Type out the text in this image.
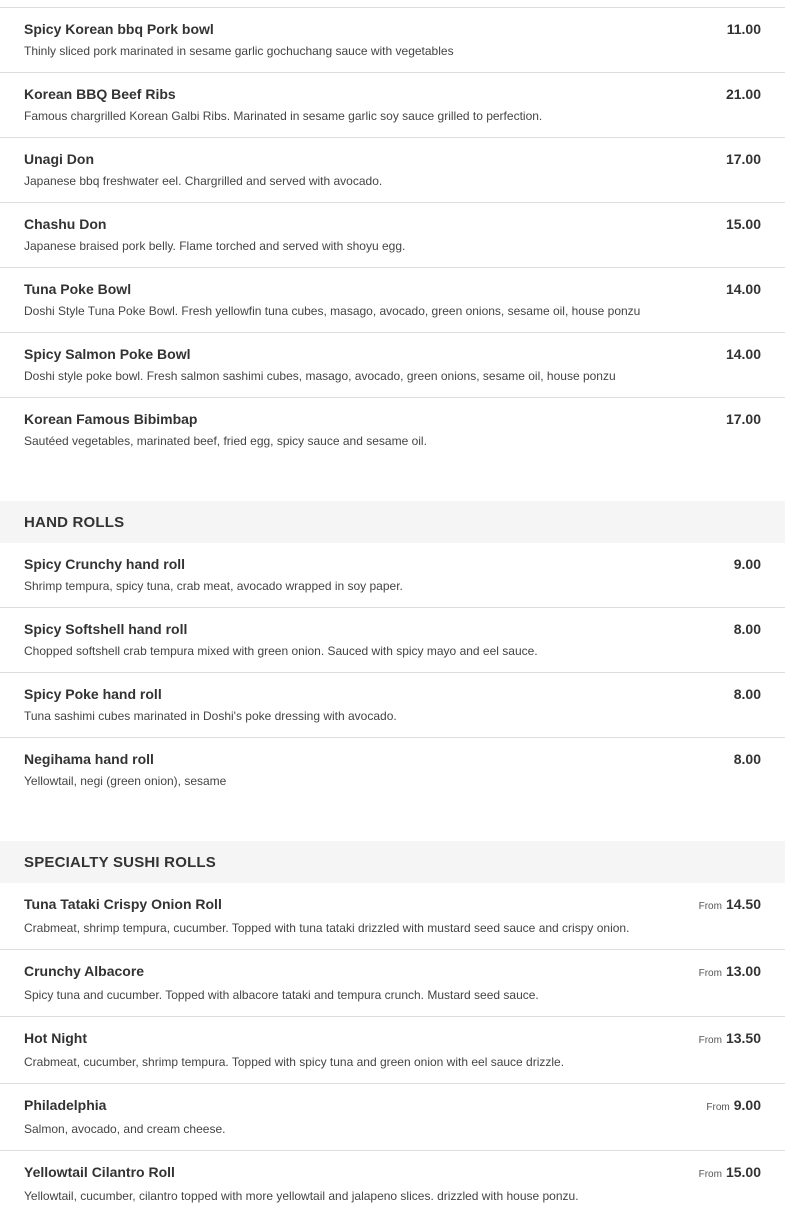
Spicy Korean bbq Pork bowl
Thinly sliced pork marinated in sesame garlic gochuchang sauce with vegetables
11.00
Korean BBQ Beef Ribs
Famous chargrilled Korean Galbi Ribs. Marinated in sesame garlic soy sauce grilled to perfection.
21.00
Unagi Don
Japanese bbq freshwater eel. Chargrilled and served with avocado.
17.00
Chashu Don
Japanese braised pork belly. Flame torched and served with shoyu egg.
15.00
Tuna Poke Bowl
Doshi Style Tuna Poke Bowl. Fresh yellowfin tuna cubes, masago, avocado, green onions, sesame oil, house ponzu
14.00
Spicy Salmon Poke Bowl
Doshi style poke bowl. Fresh salmon sashimi cubes, masago, avocado, green onions, sesame oil, house ponzu
14.00
Korean Famous Bibimbap
Sautéed vegetables, marinated beef, fried egg, spicy sauce and sesame oil.
17.00
HAND ROLLS
Spicy Crunchy hand roll
Shrimp tempura, spicy tuna, crab meat, avocado wrapped in soy paper.
9.00
Spicy Softshell hand roll
Chopped softshell crab tempura mixed with green onion. Sauced with spicy mayo and eel sauce.
8.00
Spicy Poke hand roll
Tuna sashimi cubes marinated in Doshi's poke dressing with avocado.
8.00
Negihama hand roll
Yellowtail, negi (green onion), sesame
8.00
SPECIALTY SUSHI ROLLS
Tuna Tataki Crispy Onion Roll
Crabmeat, shrimp tempura, cucumber. Topped with tuna tataki drizzled with mustard seed sauce and crispy onion.
From 14.50
Crunchy Albacore
Spicy tuna and cucumber. Topped with albacore tataki and tempura crunch. Mustard seed sauce.
From 13.00
Hot Night
Crabmeat, cucumber, shrimp tempura. Topped with spicy tuna and green onion with eel sauce drizzle.
From 13.50
Philadelphia
Salmon, avocado, and cream cheese.
From 9.00
Yellowtail Cilantro Roll
Yellowtail, cucumber, cilantro topped with more yellowtail and jalapeno slices. drizzled with house ponzu.
From 15.00
